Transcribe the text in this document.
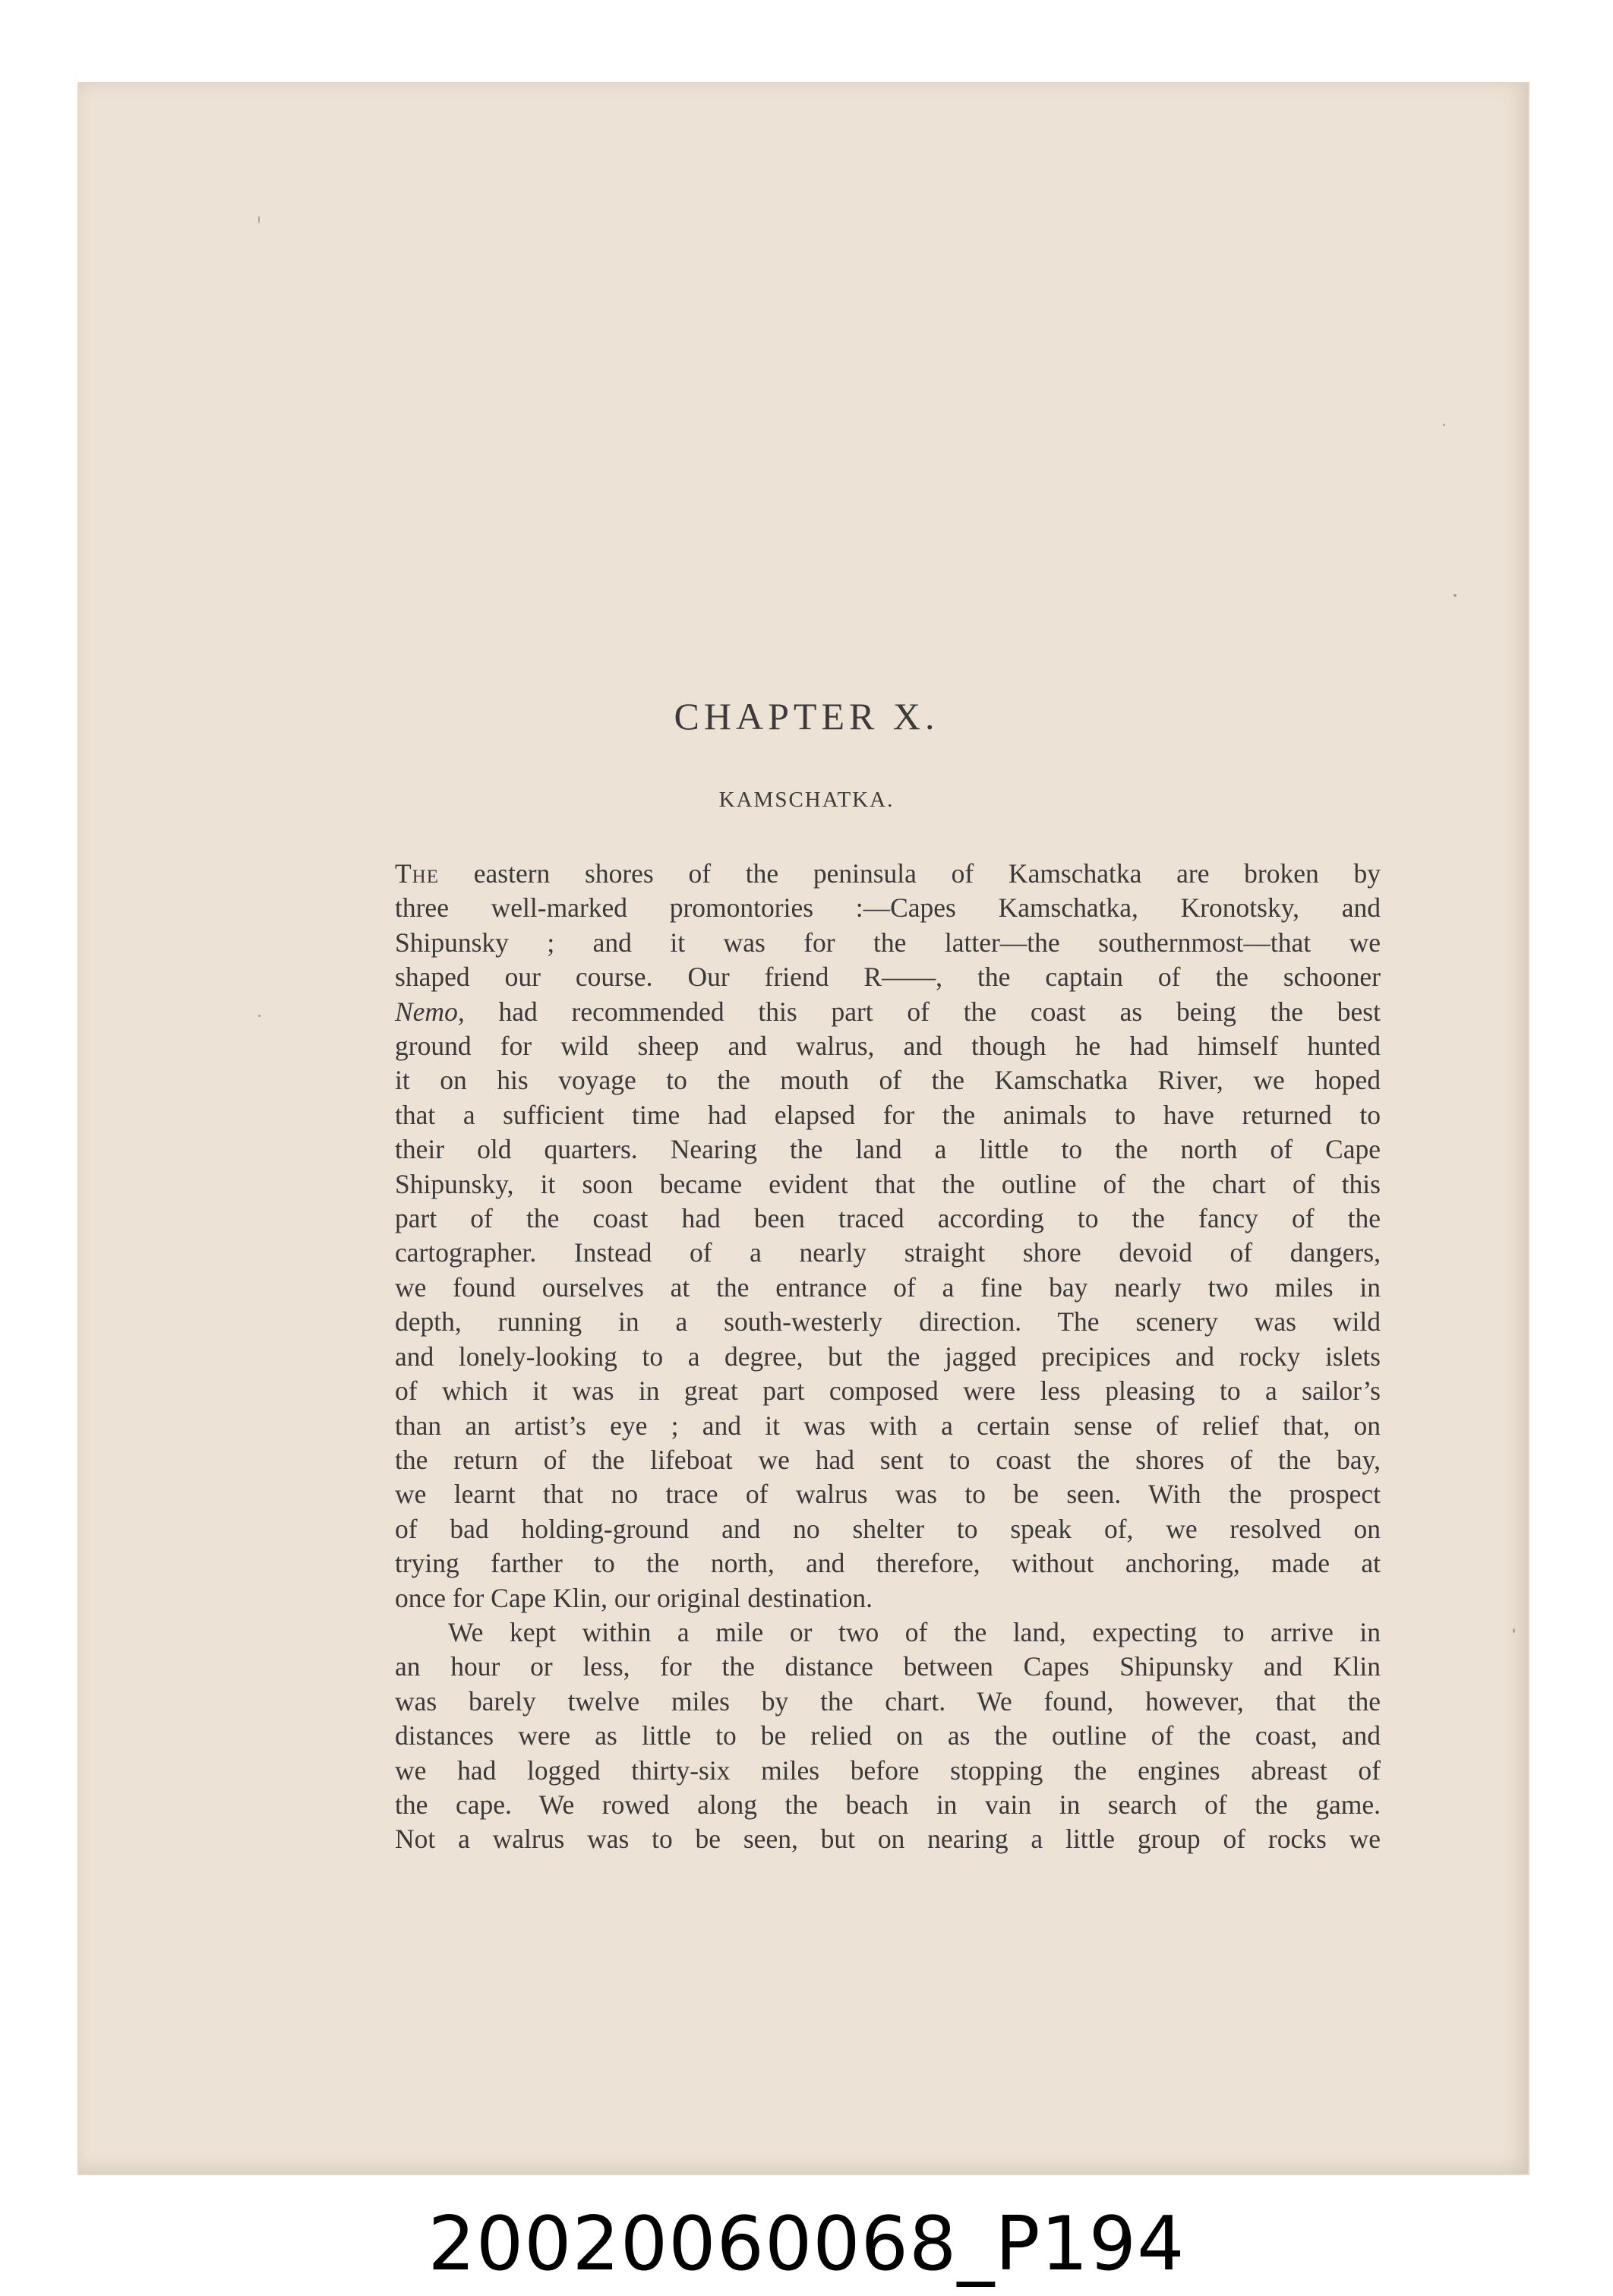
CHAPTER X.
KAMSCHATKA.
The eastern shores of the peninsula of Kamschatka are broken by
three well-marked promontories :—Capes Kamschatka, Kronotsky, and
Shipunsky ; and it was for the latter—the southernmost—that we
shaped our course. Our friend R——, the captain of the schooner
Nemo, had recommended this part of the coast as being the best
ground for wild sheep and walrus, and though he had himself hunted
it on his voyage to the mouth of the Kamschatka River, we hoped
that a sufficient time had elapsed for the animals to have returned to
their old quarters. Nearing the land a little to the north of Cape
Shipunsky, it soon became evident that the outline of the chart of this
part of the coast had been traced according to the fancy of the
cartographer. Instead of a nearly straight shore devoid of dangers,
we found ourselves at the entrance of a fine bay nearly two miles in
depth, running in a south-westerly direction. The scenery was wild
and lonely-looking to a degree, but the jagged precipices and rocky islets
of which it was in great part composed were less pleasing to a sailor’s
than an artist’s eye ; and it was with a certain sense of relief that, on
the return of the lifeboat we had sent to coast the shores of the bay,
we learnt that no trace of walrus was to be seen. With the prospect
of bad holding-ground and no shelter to speak of, we resolved on
trying farther to the north, and therefore, without anchoring, made at
once for Cape Klin, our original destination.
We kept within a mile or two of the land, expecting to arrive in
an hour or less, for the distance between Capes Shipunsky and Klin
was barely twelve miles by the chart. We found, however, that the
distances were as little to be relied on as the outline of the coast, and
we had logged thirty-six miles before stopping the engines abreast of
the cape. We rowed along the beach in vain in search of the game.
Not a walrus was to be seen, but on nearing a little group of rocks we
20020060068_P194
